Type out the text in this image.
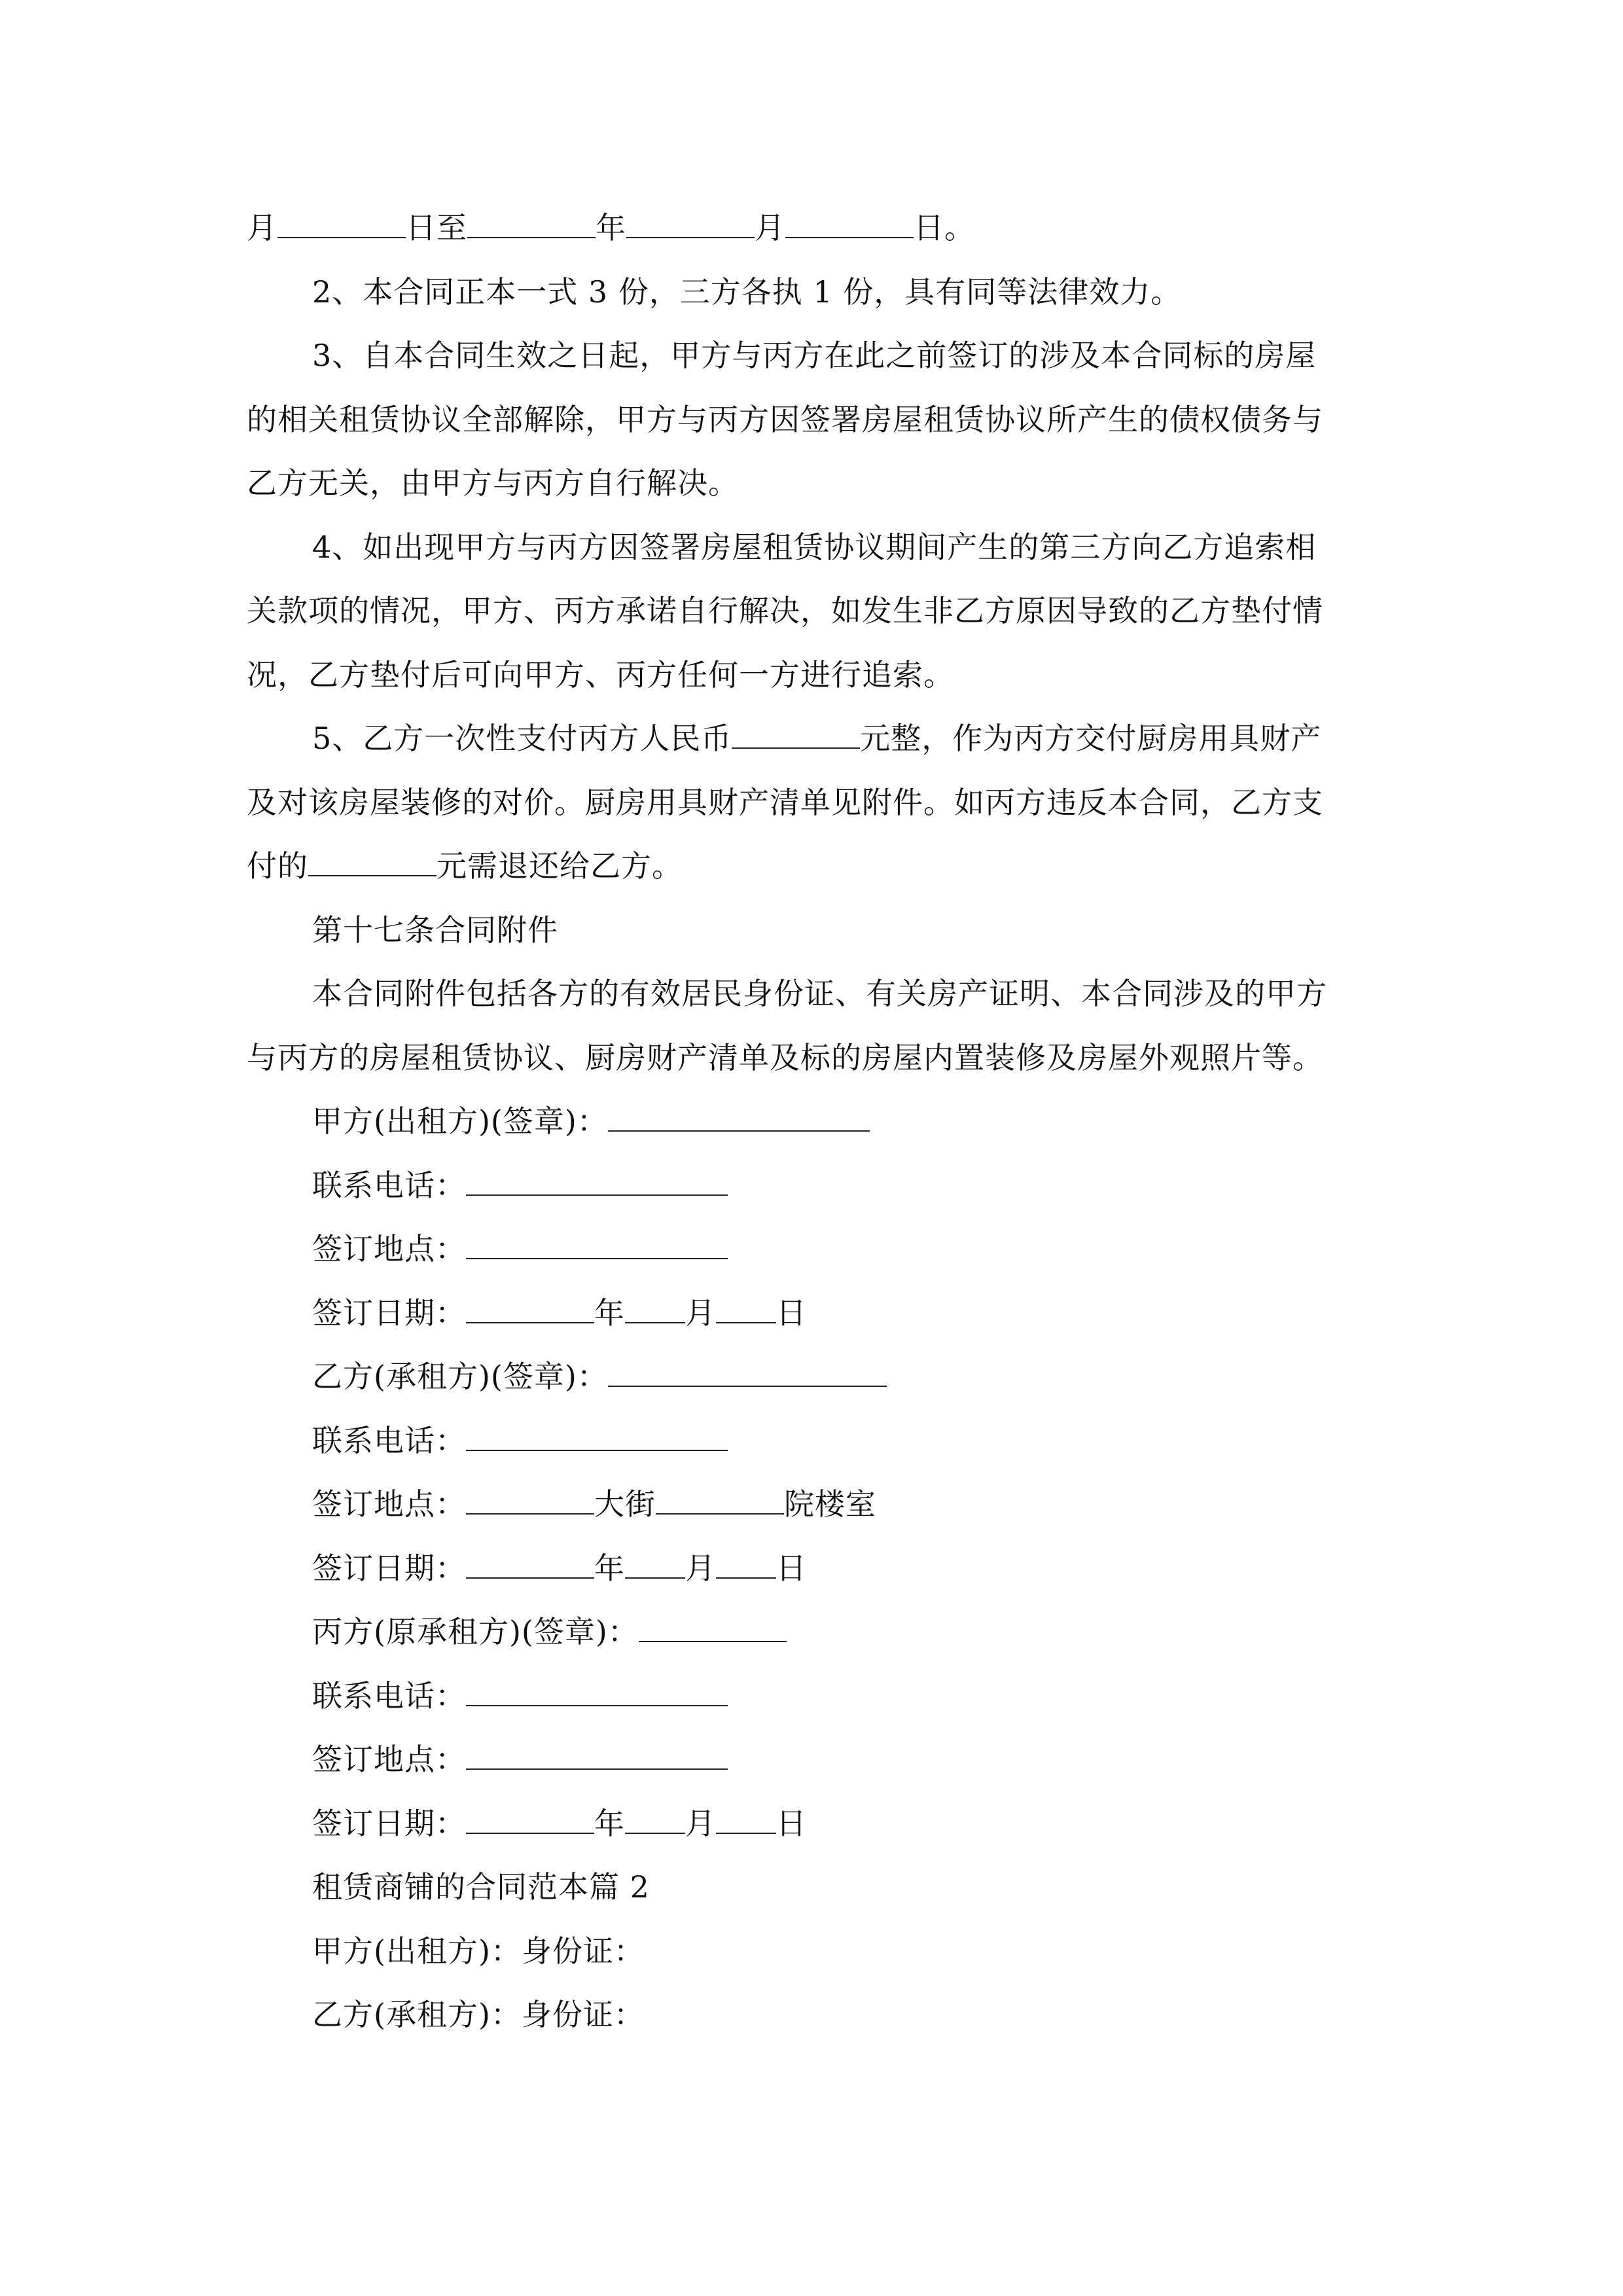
月	日至	年	月	日。
2、本合同正本一式 3 份，三方各执 1 份，具有同等法律效力。
3、自本合同生效之日起，甲方与丙方在此之前签订的涉及本合同标的房屋
的相关租赁协议全部解除，甲方与丙方因签署房屋租赁协议所产生的债权债务与
乙方无关，由甲方与丙方自行解决。
4、如出现甲方与丙方因签署房屋租赁协议期间产生的第三方向乙方追索相
关款项的情况，甲方、丙方承诺自行解决，如发生非乙方原因导致的乙方垫付情
况，乙方垫付后可向甲方、丙方任何一方进行追索。
5、乙方一次性支付丙方人民币	元整，作为丙方交付厨房用具财产
及对该房屋装修的对价。厨房用具财产清单见附件。如丙方违反本合同，乙方支
付的	元需退还给乙方。
第十七条合同附件
本合同附件包括各方的有效居民身份证、有关房产证明、本合同涉及的甲方
与丙方的房屋租赁协议、厨房财产清单及标的房屋内置装修及房屋外观照片等。
甲方(出租方)(签章)：
联系电话：
签订地点：
签订日期：	年 月 日
乙方(承租方)(签章)：
联系电话：
签订地点：	大街	院楼室
签订日期：	年 月 日
丙方(原承租方)(签章)：
联系电话：
签订地点：
签订日期：	年 月 日
租赁商铺的合同范本篇 2
甲方(出租方)：身份证：
乙方(承租方)：身份证：
